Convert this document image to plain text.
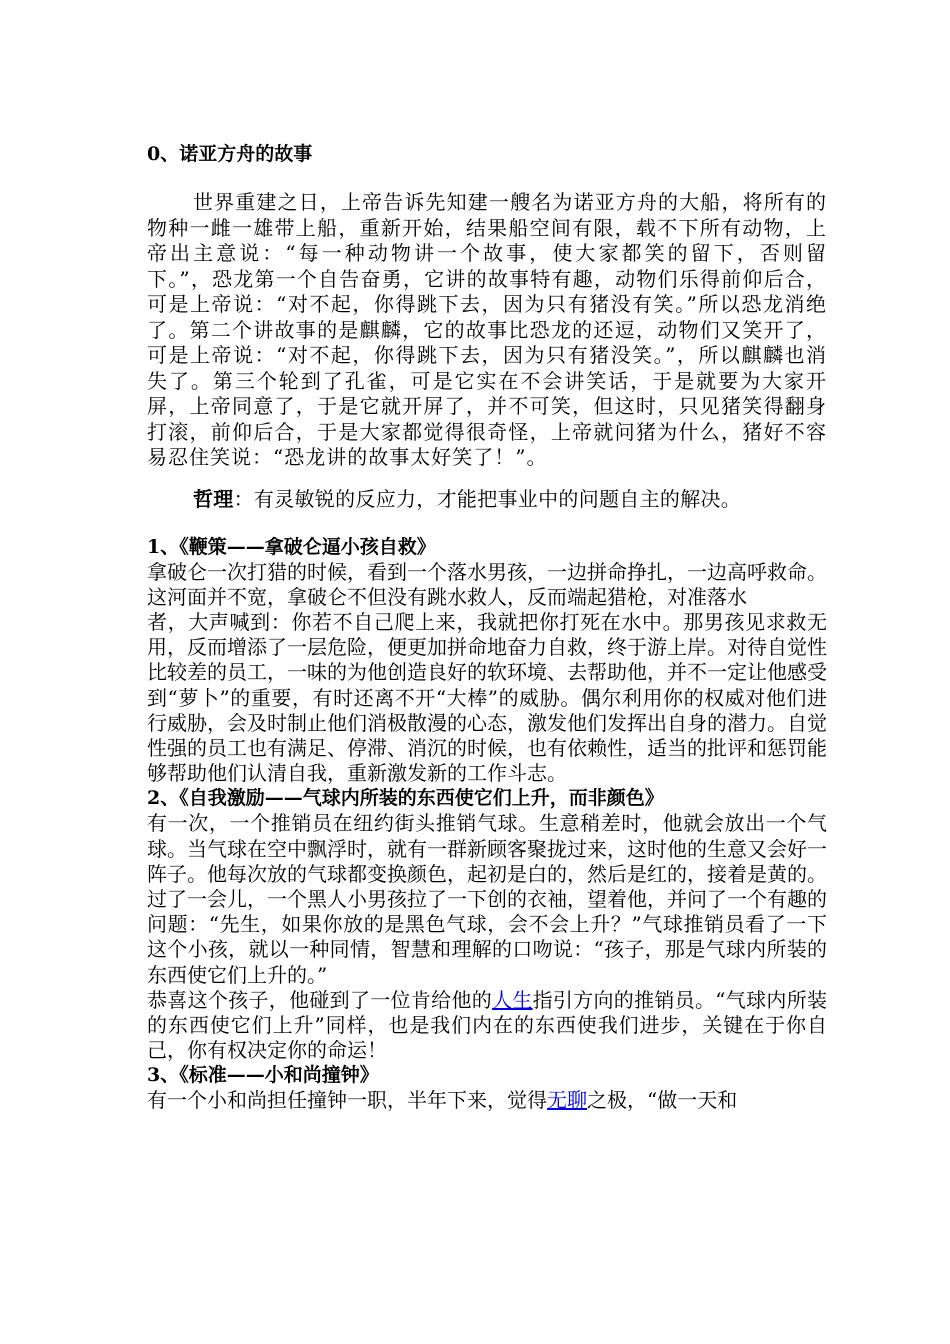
0、诺亚方舟的故事

世界重建之日，上帝告诉先知建一艘名为诺亚方舟的大船，将所有的物种一雌一雄带上船，重新开始，结果船空间有限，载不下所有动物，上帝出主意说：“每一种动物讲一个故事，使大家都笑的留下，否则留下。”，恐龙第一个自告奋勇，它讲的故事特有趣，动物们乐得前仰后合，可是上帝说：“对不起，你得跳下去，因为只有猪没有笑。”所以恐龙消绝了。第二个讲故事的是麒麟，它的故事比恐龙的还逗，动物们又笑开了，可是上帝说：“对不起，你得跳下去，因为只有猪没笑。”，所以麒麟也消失了。第三个轮到了孔雀，可是它实在不会讲笑话，于是就要为大家开屏，上帝同意了，于是它就开屏了，并不可笑，但这时，只见猪笑得翻身打滚，前仰后合，于是大家都觉得很奇怪，上帝就问猪为什么，猪好不容易忍住笑说：“恐龙讲的故事太好笑了！”。

哲理：有灵敏锐的反应力，才能把事业中的问题自主的解决。

1、《鞭策——拿破仑逼小孩自救》

拿破仑一次打猎的时候，看到一个落水男孩，一边拼命挣扎，一边高呼救命。这河面并不宽，拿破仑不但没有跳水救人，反而端起猎枪，对准落水

者，大声喊到：你若不自己爬上来，我就把你打死在水中。那男孩见求救无用，反而增添了一层危险，便更加拼命地奋力自救，终于游上岸。对待自觉性比较差的员工，一味的为他创造良好的软环境、去帮助他，并不一定让他感受到“萝卜”的重要，有时还离不开“大棒”的威胁。偶尔利用你的权威对他们进行威胁，会及时制止他们消极散漫的心态，激发他们发挥出自身的潜力。自觉性强的员工也有满足、停滞、消沉的时候，也有依赖性，适当的批评和惩罚能够帮助他们认清自我，重新激发新的工作斗志。

2、《自我激励——气球内所装的东西使它们上升，而非颜色》

有一次，一个推销员在纽约街头推销气球。生意稍差时，他就会放出一个气球。当气球在空中飘浮时，就有一群新顾客聚拢过来，这时他的生意又会好一阵子。他每次放的气球都变换颜色，起初是白的，然后是红的，接着是黄的。

过了一会儿，一个黑人小男孩拉了一下创的衣袖，望着他，并问了一个有趣的问题：“先生，如果你放的是黑色气球，会不会上升？”气球推销员看了一下这个小孩，就以一种同情，智慧和理解的口吻说：“孩子，那是气球内所装的东西使它们上升的。”

恭喜这个孩子，他碰到了一位肯给他的人生指引方向的推销员。“气球内所装的东西使它们上升”同样，也是我们内在的东西使我们进步，关键在于你自己，你有权决定你的命运！

3、《标准——小和尚撞钟》

有一个小和尚担任撞钟一职，半年下来，觉得无聊之极，“做一天和
